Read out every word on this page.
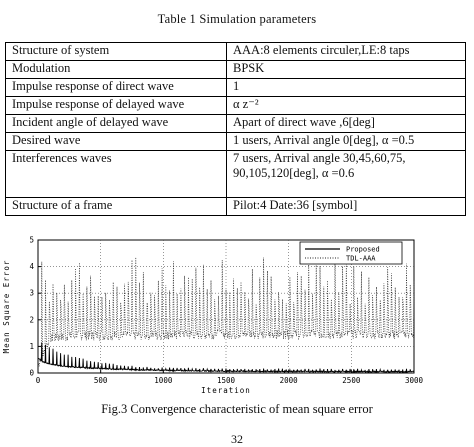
Table 1 Simulation parameters
Structure of system	AAA:8 elements circuler,LE:8 taps

Modulation	BPSK

Impulse response of direct wave	1

Impulse response of delayed wave	α z⁻²

Incident angle of delayed wave	Apart of direct wave ,6[deg]

Desired wave	1 users, Arrival angle 0[deg], α =0.5

Interferences waves	7 users, Arrival angle 30,45,60,75,
90,105,120[deg], α =0.6

Structure of a frame	Pilot:4 Date:36 [symbol]
0	500	1000	1500	2000	2500	3000
0
1
2
3
4
5
Iteration
Mean Square Error
Proposed
TDL-AAA
Fig.3 Convergence characteristic of mean square error
32
